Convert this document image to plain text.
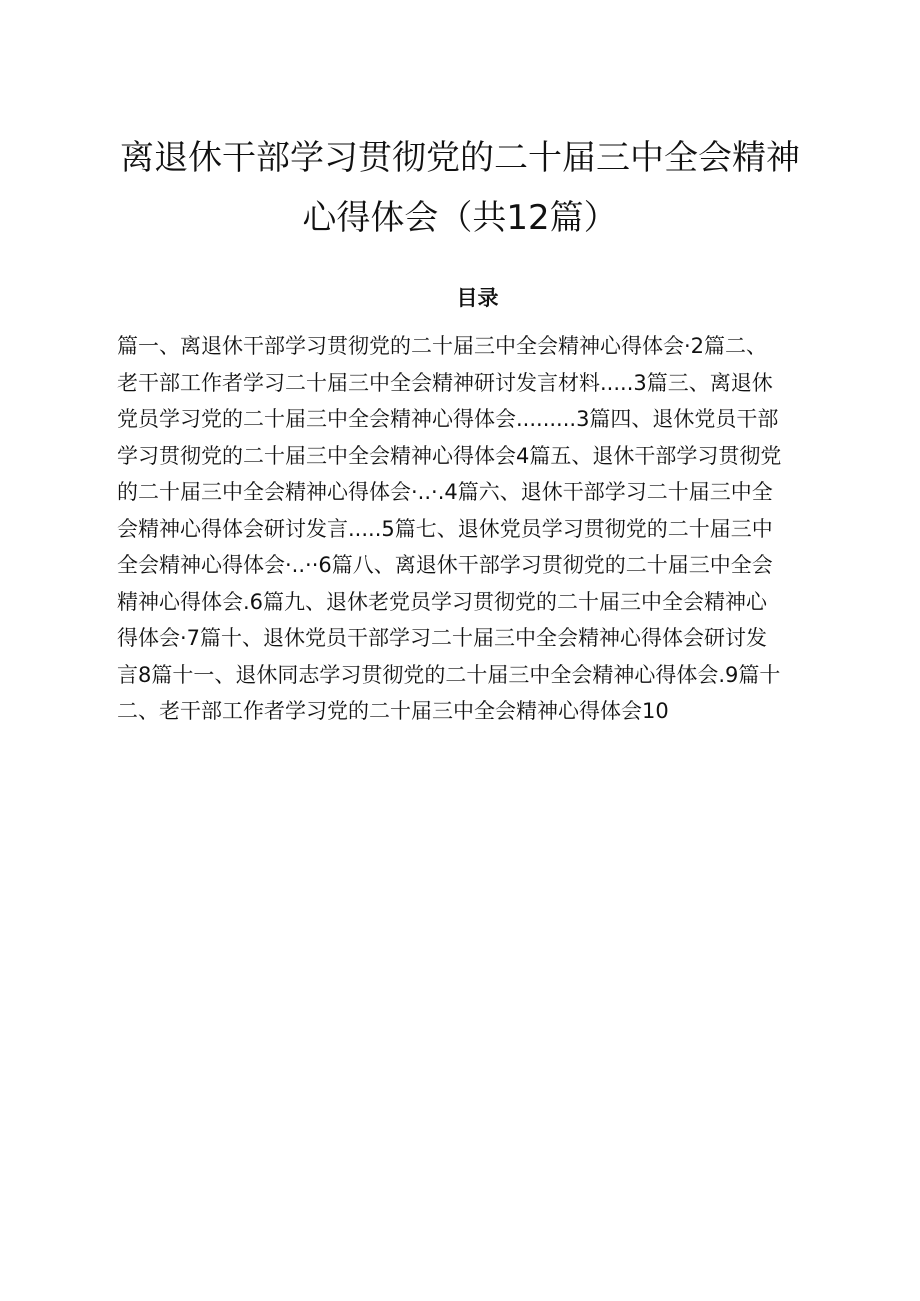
离退休干部学习贯彻党的二十届三中全会精神
心得体会（共12篇）
目录
篇一、离退休干部学习贯彻党的二十届三中全会精神心得体会·2篇二、
老干部工作者学习二十届三中全会精神研讨发言材料.....3篇三、离退休
党员学习党的二十届三中全会精神心得体会.........3篇四、退休党员干部
学习贯彻党的二十届三中全会精神心得体会4篇五、退休干部学习贯彻党
的二十届三中全会精神心得体会·..·.4篇六、退休干部学习二十届三中全
会精神心得体会研讨发言.....5篇七、退休党员学习贯彻党的二十届三中
全会精神心得体会·..··6篇八、离退休干部学习贯彻党的二十届三中全会
精神心得体会.6篇九、退休老党员学习贯彻党的二十届三中全会精神心
得体会·7篇十、退休党员干部学习二十届三中全会精神心得体会研讨发
言8篇十一、退休同志学习贯彻党的二十届三中全会精神心得体会.9篇十
二、老干部工作者学习党的二十届三中全会精神心得体会10
